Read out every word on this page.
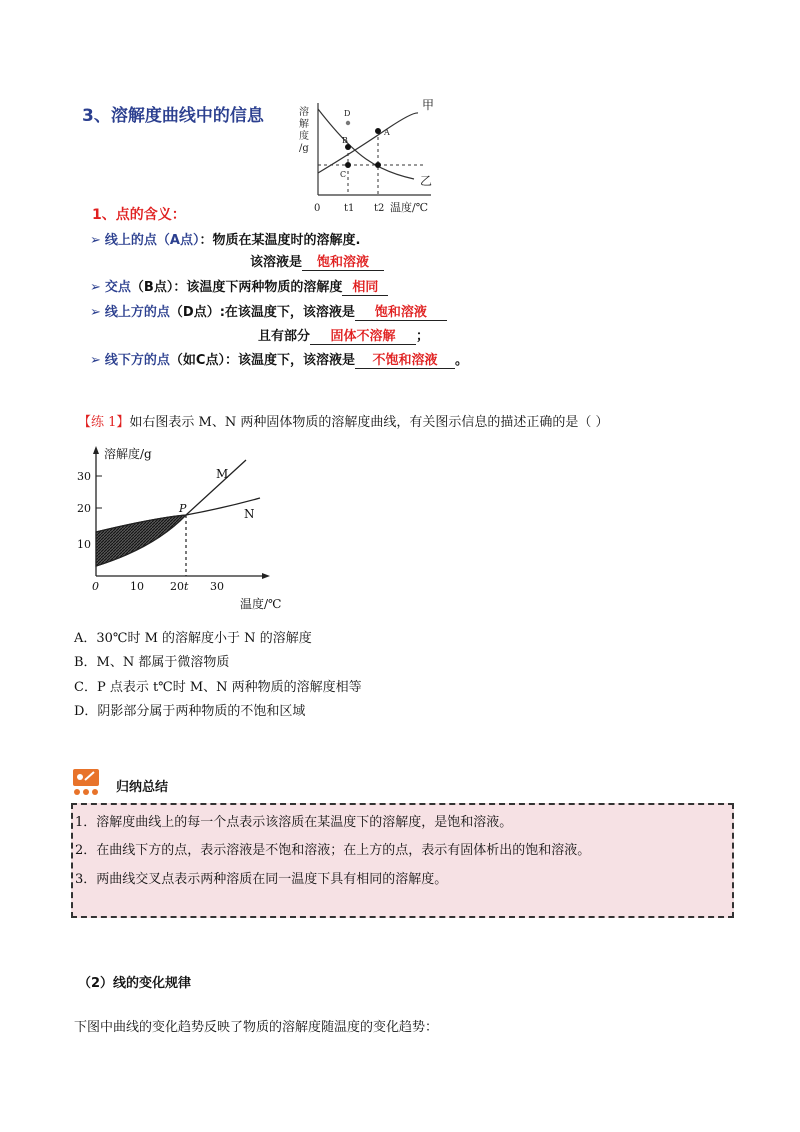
3、溶解度曲线中的信息	溶
解
度
/g
甲
乙
D
B
A
C
0 t1 t2 温度/℃
1、点的含义：
➢ 线上的点（A点）：物质在某温度时的溶解度.
该溶液是 饱和溶液
➢ 交点（B点）：该温度下两种物质的溶解度 相同
➢ 线上方的点（D点）:在该温度下，该溶液是 饱和溶液
且有部分 固体不溶解 ；
➢ 线下方的点（如C点）：该温度下，该溶液是 不饱和溶液 。
【练 1】如右图表示 M、N 两种固体物质的溶解度曲线，有关图示信息的描述正确的是（ ）
溶解度/g
30
20
10
P
M
N
0	10 20 t 30
温度/℃
A．30℃时 M 的溶解度小于 N 的溶解度
B．M、N 都属于微溶物质
C．P 点表示 t℃时 M、N 两种物质的溶解度相等
D．阴影部分属于两种物质的不饱和区域
归纳总结
1．溶解度曲线上的每一个点表示该溶质在某温度下的溶解度，是饱和溶液。
2．在曲线下方的点，表示溶液是不饱和溶液；在上方的点，表示有固体析出的饱和溶液。
3．两曲线交叉点表示两种溶质在同一温度下具有相同的溶解度。
（2）线的变化规律
下图中曲线的变化趋势反映了物质的溶解度随温度的变化趋势：
